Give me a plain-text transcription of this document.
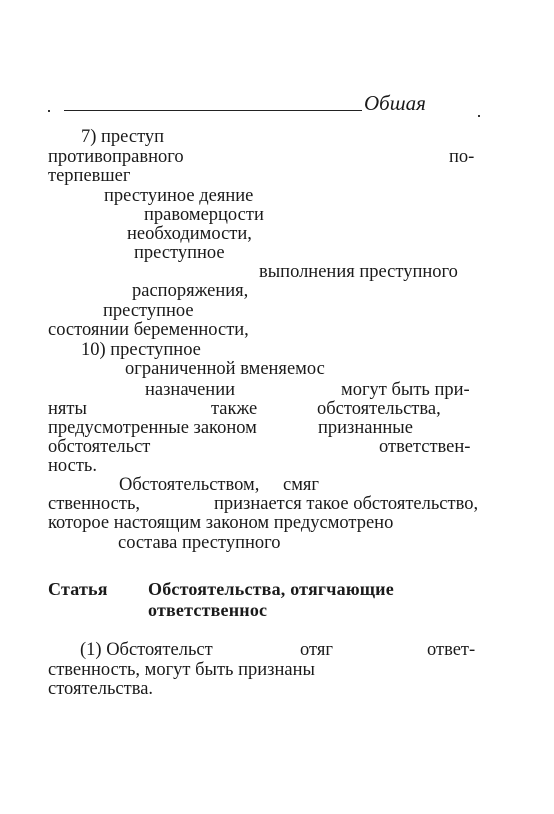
Обшая
7) преступ
противоправного	по-
терпевшег
престуиное деяние
правомерцости
необходимости,
преступное
выполнения преступного
распоряжения,
преступное
состоянии беременности,
10) преступное
ограниченной вменяемос
назначении	могут быть при-
няты	также	обстоятельства,
предусмотренные законом	признанные
обстоятельст	ответствен-
ность.
Обстоятельством, смяг
ственность,	признается такое обстоятельство,
которое настоящим законом предусмотрено
состава преступного
Статья Обстоятельства, отягчающие
ответственнос
(1) Обстоятельст	отяг	ответ-
ственность, могут быть признаны
стоятельства.
